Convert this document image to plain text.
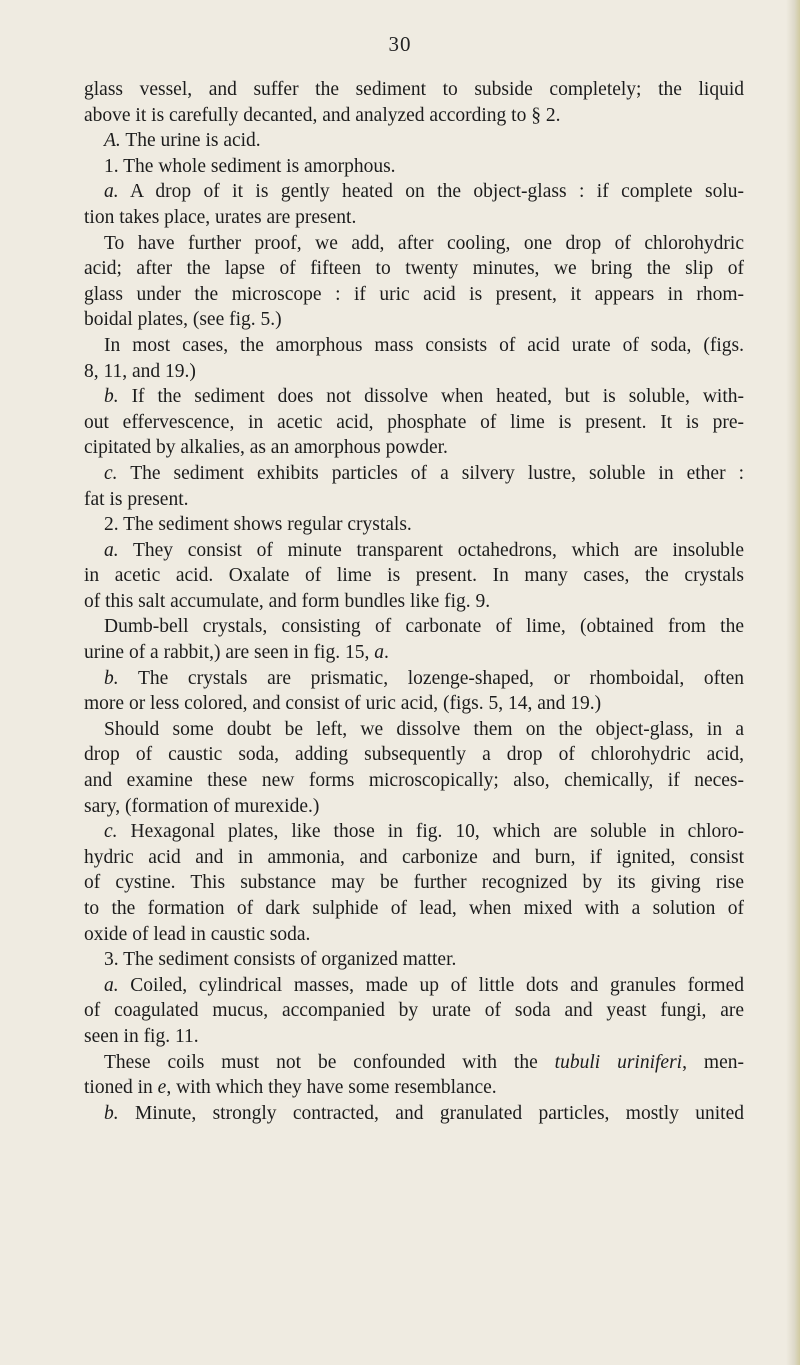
30
glass vessel, and suffer the sediment to subside completely; the liquid
above it is carefully decanted, and analyzed according to § 2.
A. The urine is acid.
1. The whole sediment is amorphous.
a. A drop of it is gently heated on the object-glass : if complete solu-
tion takes place, urates are present.
To have further proof, we add, after cooling, one drop of chlorohydric
acid; after the lapse of fifteen to twenty minutes, we bring the slip of
glass under the microscope : if uric acid is present, it appears in rhom-
boidal plates, (see fig. 5.)
In most cases, the amorphous mass consists of acid urate of soda, (figs.
8, 11, and 19.)
b. If the sediment does not dissolve when heated, but is soluble, with-
out effervescence, in acetic acid, phosphate of lime is present. It is pre-
cipitated by alkalies, as an amorphous powder.
c. The sediment exhibits particles of a silvery lustre, soluble in ether :
fat is present.
2. The sediment shows regular crystals.
a. They consist of minute transparent octahedrons, which are insoluble
in acetic acid. Oxalate of lime is present. In many cases, the crystals
of this salt accumulate, and form bundles like fig. 9.
Dumb-bell crystals, consisting of carbonate of lime, (obtained from the
urine of a rabbit,) are seen in fig. 15, a.
b. The crystals are prismatic, lozenge-shaped, or rhomboidal, often
more or less colored, and consist of uric acid, (figs. 5, 14, and 19.)
Should some doubt be left, we dissolve them on the object-glass, in a
drop of caustic soda, adding subsequently a drop of chlorohydric acid,
and examine these new forms microscopically; also, chemically, if neces-
sary, (formation of murexide.)
c. Hexagonal plates, like those in fig. 10, which are soluble in chloro-
hydric acid and in ammonia, and carbonize and burn, if ignited, consist
of cystine. This substance may be further recognized by its giving rise
to the formation of dark sulphide of lead, when mixed with a solution of
oxide of lead in caustic soda.
3. The sediment consists of organized matter.
a. Coiled, cylindrical masses, made up of little dots and granules formed
of coagulated mucus, accompanied by urate of soda and yeast fungi, are
seen in fig. 11.
These coils must not be confounded with the tubuli uriniferi, men-
tioned in e, with which they have some resemblance.
b. Minute, strongly contracted, and granulated particles, mostly united
